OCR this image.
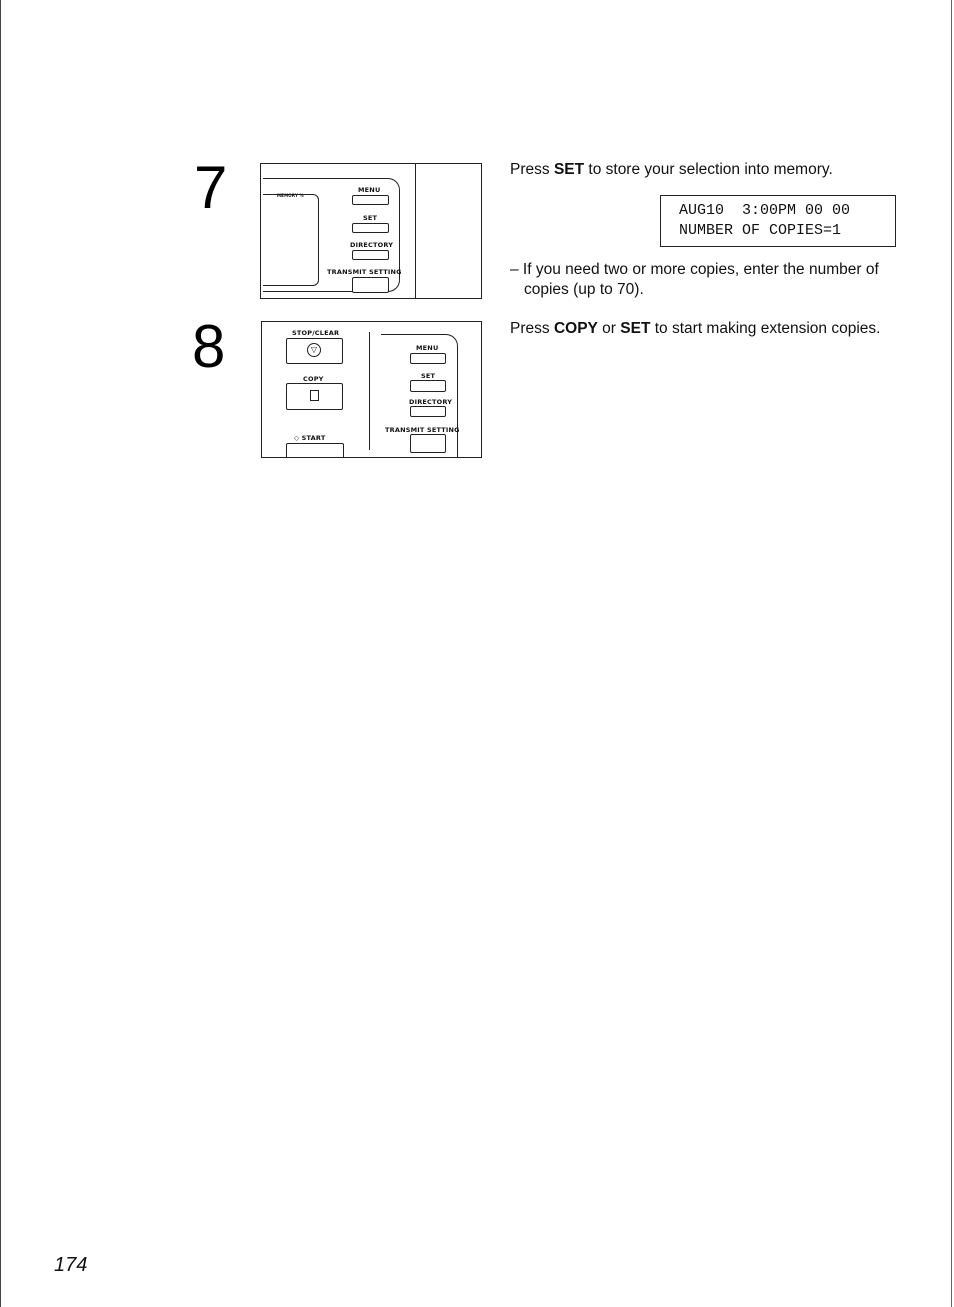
7	MEMORY %
MENU
SET
DIRECTORY
TRANSMIT SETTING
Press SET to store your selection into memory.
AUG10  3:00PM 00 00
NUMBER OF COPIES=1
– If you need two or more copies, enter the number of copies (up to 70).
8	STOP/CLEAR
▽
COPY
◇ START
MENU
SET
DIRECTORY
TRANSMIT SETTING
Press COPY or SET to start making extension copies.
174
